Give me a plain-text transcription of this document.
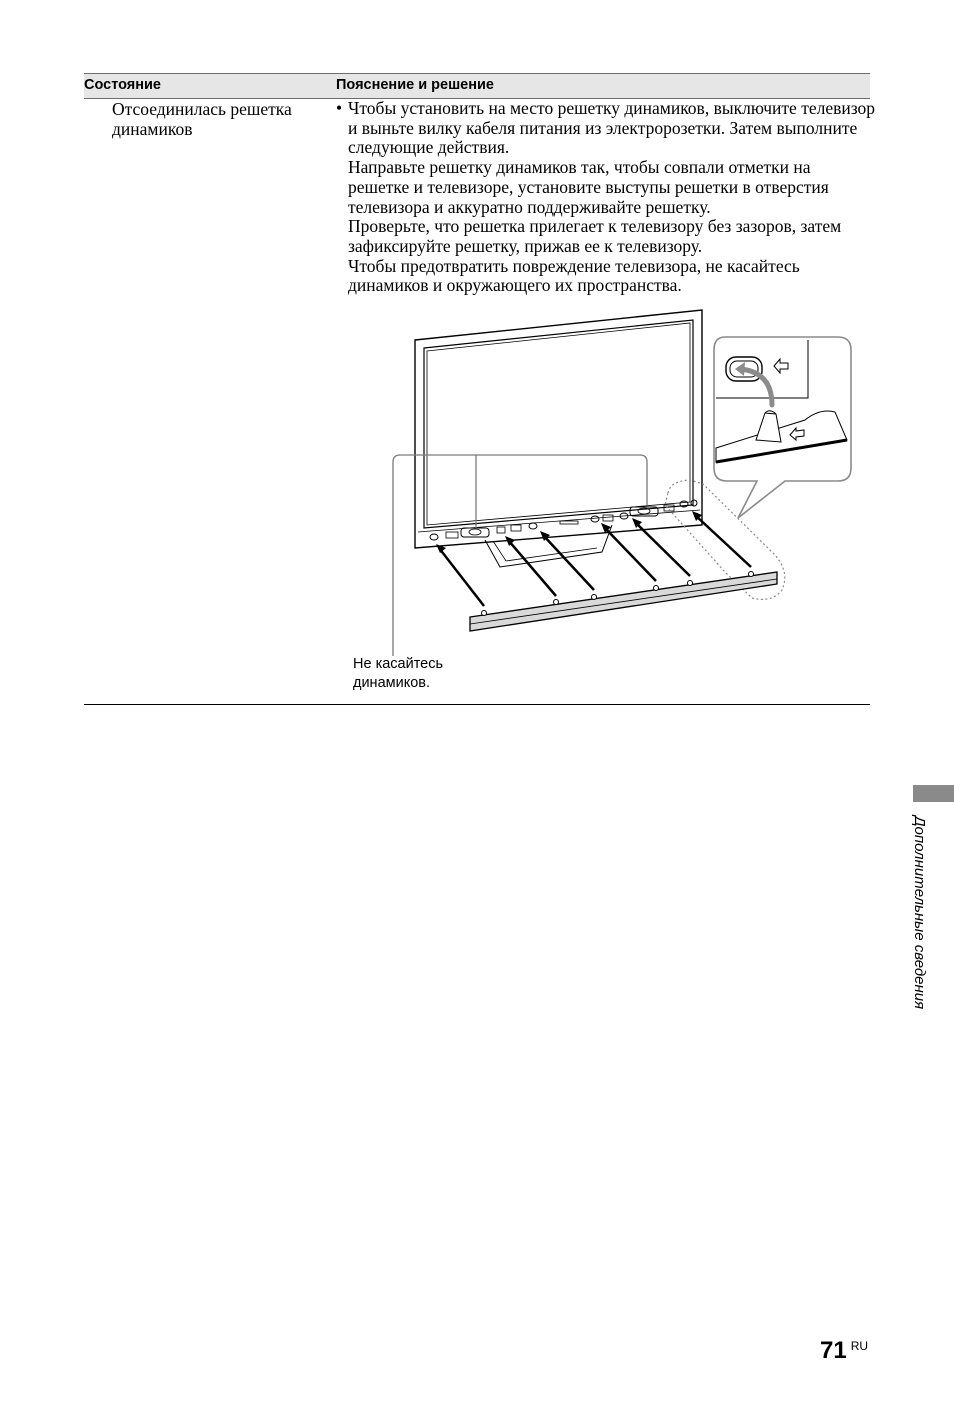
Состояние	Пояснение и решение
Отсоединилась решетка динамиков
• Чтобы установить на место решетку динамиков, выключите телевизор и выньте вилку кабеля питания из электророзетки. Затем выполните следующие действия.

Направьте решетку динамиков так, чтобы совпали отметки на решетке и телевизоре, установите выступы решетки в отверстия телевизора и аккуратно поддерживайте решетку.

Проверьте, что решетка прилегает к телевизору без зазоров, затем зафиксируйте решетку, прижав ее к телевизору.

Чтобы предотвратить повреждение телевизора, не касайтесь динамиков и окружающего их пространства.

Не касайтесь
динамиков.
Дополнительные сведения
71 $^{RU}$
